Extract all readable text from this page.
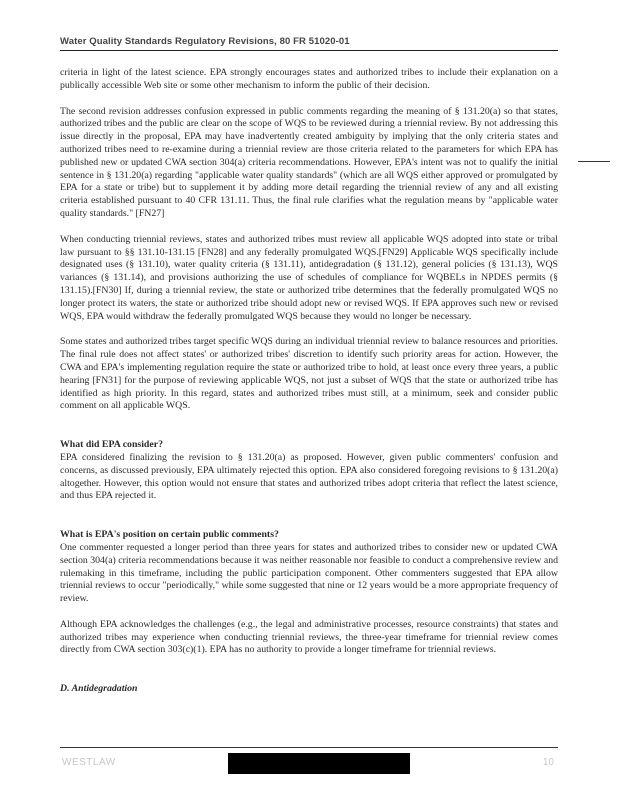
Water Quality Standards Regulatory Revisions, 80 FR 51020-01

criteria in light of the latest science. EPA strongly encourages states and authorized tribes to include their explanation on a publically accessible Web site or some other mechanism to inform the public of their decision.

The second revision addresses confusion expressed in public comments regarding the meaning of § 131.20(a) so that states, authorized tribes and the public are clear on the scope of WQS to be reviewed during a triennial review. By not addressing this issue directly in the proposal, EPA may have inadvertently created ambiguity by implying that the only criteria states and authorized tribes need to re-examine during a triennial review are those criteria related to the parameters for which EPA has published new or updated CWA section 304(a) criteria recommendations. However, EPA's intent was not to qualify the initial sentence in § 131.20(a) regarding "applicable water quality standards" (which are all WQS either approved or promulgated by EPA for a state or tribe) but to supplement it by adding more detail regarding the triennial review of any and all existing criteria established pursuant to 40 CFR 131.11. Thus, the final rule clarifies what the regulation means by "applicable water quality standards." [FN27]

When conducting triennial reviews, states and authorized tribes must review all applicable WQS adopted into state or tribal law pursuant to §§ 131.10-131.15 [FN28] and any federally promulgated WQS.[FN29] Applicable WQS specifically include designated uses (§ 131.10), water quality criteria (§ 131.11), antidegradation (§ 131.12), general policies (§ 131.13), WQS variances (§ 131.14), and provisions authorizing the use of schedules of compliance for WQBELs in NPDES permits (§ 131.15).[FN30] If, during a triennial review, the state or authorized tribe determines that the federally promulgated WQS no longer protect its waters, the state or authorized tribe should adopt new or revised WQS. If EPA approves such new or revised WQS, EPA would withdraw the federally promulgated WQS because they would no longer be necessary.

Some states and authorized tribes target specific WQS during an individual triennial review to balance resources and priorities. The final rule does not affect states' or authorized tribes' discretion to identify such priority areas for action. However, the CWA and EPA's implementing regulation require the state or authorized tribe to hold, at least once every three years, a public hearing [FN31] for the purpose of reviewing applicable WQS, not just a subset of WQS that the state or authorized tribe has identified as high priority. In this regard, states and authorized tribes must still, at a minimum, seek and consider public comment on all applicable WQS.

What did EPA consider?

EPA considered finalizing the revision to § 131.20(a) as proposed. However, given public commenters' confusion and concerns, as discussed previously, EPA ultimately rejected this option. EPA also considered foregoing revisions to § 131.20(a) altogether. However, this option would not ensure that states and authorized tribes adopt criteria that reflect the latest science, and thus EPA rejected it.

What is EPA's position on certain public comments?

One commenter requested a longer period than three years for states and authorized tribes to consider new or updated CWA section 304(a) criteria recommendations because it was neither reasonable nor feasible to conduct a comprehensive review and rulemaking in this timeframe, including the public participation component. Other commenters suggested that EPA allow triennial reviews to occur "periodically," while some suggested that nine or 12 years would be a more appropriate frequency of review.

Although EPA acknowledges the challenges (e.g., the legal and administrative processes, resource constraints) that states and authorized tribes may experience when conducting triennial reviews, the three-year timeframe for triennial review comes directly from CWA section 303(c)(1). EPA has no authority to provide a longer timeframe for triennial reviews.

D. Antidegradation
WESTLAW	10
